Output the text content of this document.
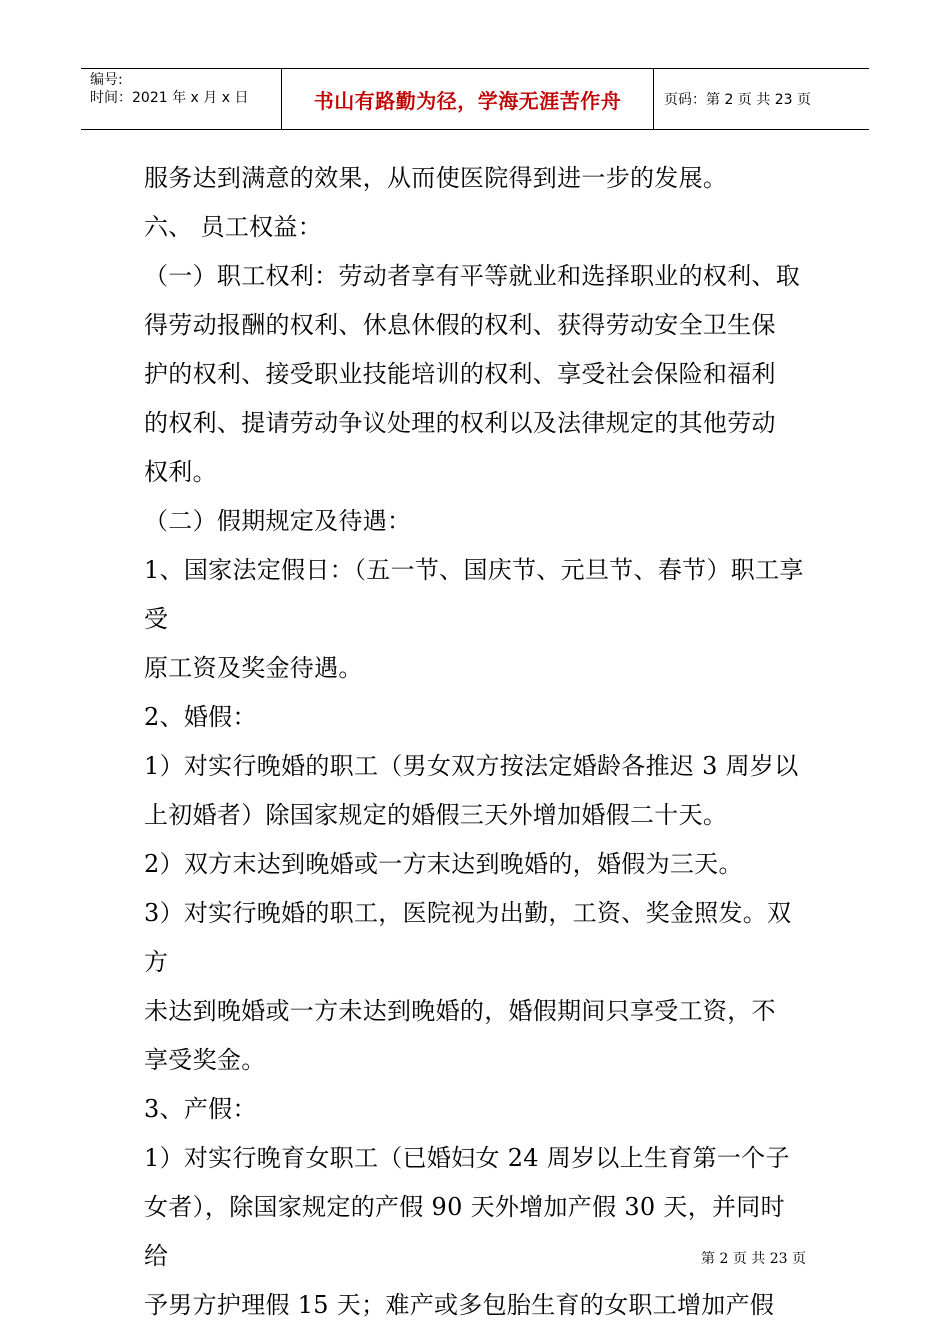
编号:
时间：2021 年 x 月 x 日	书山有路勤为径，学海无涯苦作舟	页码：第 2 页 共 23 页

服务达到满意的效果，从而使医院得到进一步的发展。

六、 员工权益：

（一）职工权利：劳动者享有平等就业和选择职业的权利、取

得劳动报酬的权利、休息休假的权利、获得劳动安全卫生保

护的权利、接受职业技能培训的权利、享受社会保险和福利

的权利、提请劳动争议处理的权利以及法律规定的其他劳动

权利。

（二）假期规定及待遇：

1、国家法定假日：（五一节、国庆节、元旦节、春节）职工享受

原工资及奖金待遇。

2、婚假：

1）对实行晚婚的职工（男女双方按法定婚龄各推迟 3 周岁以

上初婚者）除国家规定的婚假三天外增加婚假二十天。

2）双方末达到晚婚或一方末达到晚婚的，婚假为三天。

3）对实行晚婚的职工，医院视为出勤，工资、奖金照发。双方

未达到晚婚或一方未达到晚婚的，婚假期间只享受工资，不

享受奖金。

3、产假：

1）对实行晚育女职工（已婚妇女 24 周岁以上生育第一个子

女者），除国家规定的产假 90 天外增加产假 30 天，并同时给

予男方护理假 15 天；难产或多包胎生育的女职工增加产假

第 2 页 共 23 页
